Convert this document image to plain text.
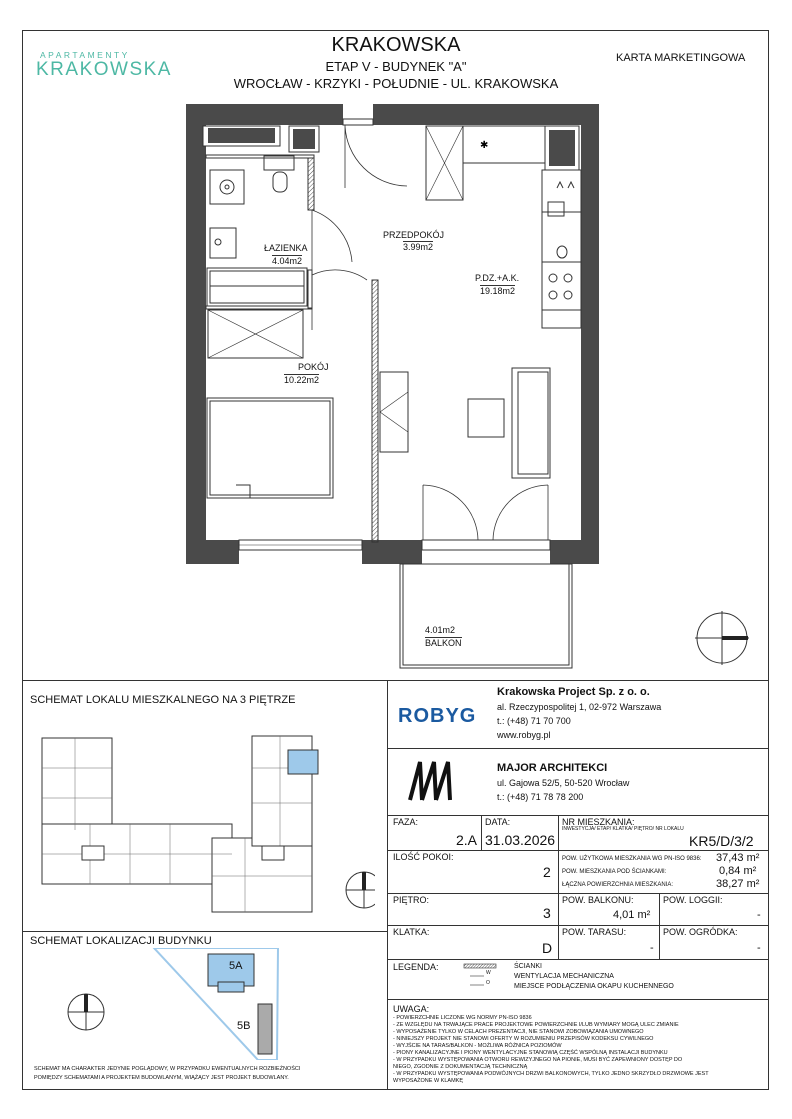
APARTAMENTY
KRAKOWSKA
KRAKOWSKA
ETAP V - BUDYNEK "A"
WROCŁAW - KRZYKI - POŁUDNIE - UL. KRAKOWSKA
KARTA MARKETINGOWA
✱
ŁAZIENKA
4.04m2
PRZEDPOKÓJ
3.99m2
P.DZ.+A.K.
19.18m2
POKÓJ
10.22m2
4.01m2
BALKON
SCHEMAT LOKALU MIESZKALNEGO NA 3 PIĘTRZE
SCHEMAT LOKALIZACJI BUDYNKU
5A
5B
SCHEMAT MA CHARAKTER JEDYNIE POGLĄDOWY, W PRZYPADKU EWENTUALNYCH ROZBIEŻNOŚCI
POMIĘDZY SCHEMATAMI A PROJEKTEM BUDOWLANYM, WIĄŻĄCY JEST PROJEKT BUDOWLANY.
ROBYG
Krakowska Project Sp. z o. o.
al. Rzeczypospolitej 1, 02-972 Warszawa
t.: (+48) 71 70 700
www.robyg.pl
MAJOR ARCHITEKCI
ul. Gajowa 52/5, 50-520 Wrocław
t.: (+48) 71 78 78 200
FAZA:
2.A
DATA:
31.03.2026
NR MIESZKANIA:
INWESTYCJA/ ETAP/ KLATKA/ PIĘTRO/ NR LOKALU
KR5/D/3/2
ILOŚĆ POKOI:
2
POW. UŻYTKOWA MIESZKANIA WG PN-ISO 9836: 37,43 m²
POW. MIESZKANIA POD ŚCIANKAMI:	0,84 m²
ŁĄCZNA POWIERZCHNIA MIESZKANIA:	38,27 m²
PIĘTRO:
3
POW. BALKONU:
4,01 m²
POW. LOGGII:
-
KLATKA:
D
POW. TARASU:
-
POW. OGRÓDKA:
-
LEGENDA:
W
O
ŚCIANKI
WENTYLACJA MECHANICZNA
MIEJSCE PODŁĄCZENIA OKAPU KUCHENNEGO
UWAGA:
- POWIERZCHNIE LICZONE WG NORMY PN-ISO 9836
- ZE WZGLĘDU NA TRWAJĄCE PRACE PROJEKTOWE POWIERZCHNIE I/LUB WYMIARY MOGĄ ULEC ZMIANIE
- WYPOSAŻENIE TYLKO W CELACH PREZENTACJI, NIE STANOWI ZOBOWIĄZANIA UMOWNEGO
- NINIEJSZY PROJEKT NIE STANOWI OFERTY W ROZUMIENIU PRZEPISÓW KODEKSU CYWILNEGO
- WYJŚCIE NA TARAS/BALKON - MOŻLIWA RÓŻNICA POZIOMÓW
- PIONY KANALIZACYJNE I PIONY WENTYLACYJNE STANOWIĄ CZĘŚĆ WSPÓLNĄ INSTALACJI BUDYNKU
- W PRZYPADKU WYSTĘPOWANIA OTWORU REWIZYJNEGO NA PIONIE, MUSI BYĆ ZAPEWNIONY DOSTĘP DO
NIEGO, ZGODNIE Z DOKUMENTACJĄ TECHNICZNĄ
- W PRZYPADKU WYSTĘPOWANIA PODWÓJNYCH DRZWI BALKONOWYCH, TYLKO JEDNO SKRZYDŁO DRZWIOWE JEST
WYPOSAŻONE W KLAMKĘ
